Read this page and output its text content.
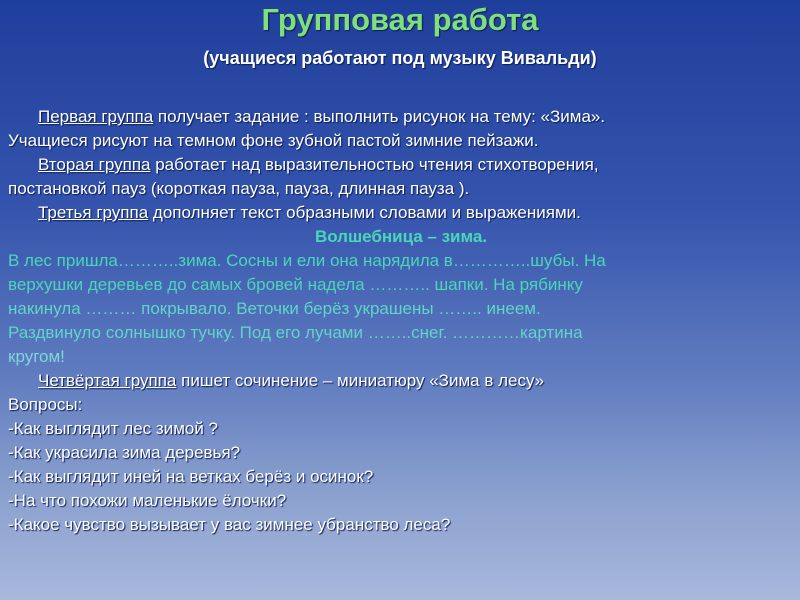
Групповая работа
(учащиеся работают под музыку Вивальди)
Первая группа получает задание : выполнить рисунок на тему: «Зима».
Учащиеся рисуют на темном фоне зубной пастой зимние пейзажи.
Вторая группа работает над выразительностью чтения стихотворения,
постановкой пауз (короткая пауза, пауза, длинная пауза ).
Третья группа дополняет текст образными словами и выражениями.
Волшебница – зима.
В лес пришла………..зима. Сосны и ели она нарядила в…………..шубы. На
верхушки деревьев до самых бровей надела ……….. шапки. На рябинку
накинула ……… покрывало. Веточки берёз украшены …….. инеем.
Раздвинуло солнышко тучку. Под его лучами ……..снег. …………картина
кругом!
Четвёртая группа пишет сочинение – миниатюру «Зима в лесу»
Вопросы:
-Как выглядит лес зимой ?
-Как украсила зима деревья?
-Как выглядит иней на ветках берёз и осинок?
-На что похожи маленькие ёлочки?
-Какое чувство вызывает у вас зимнее убранство леса?
